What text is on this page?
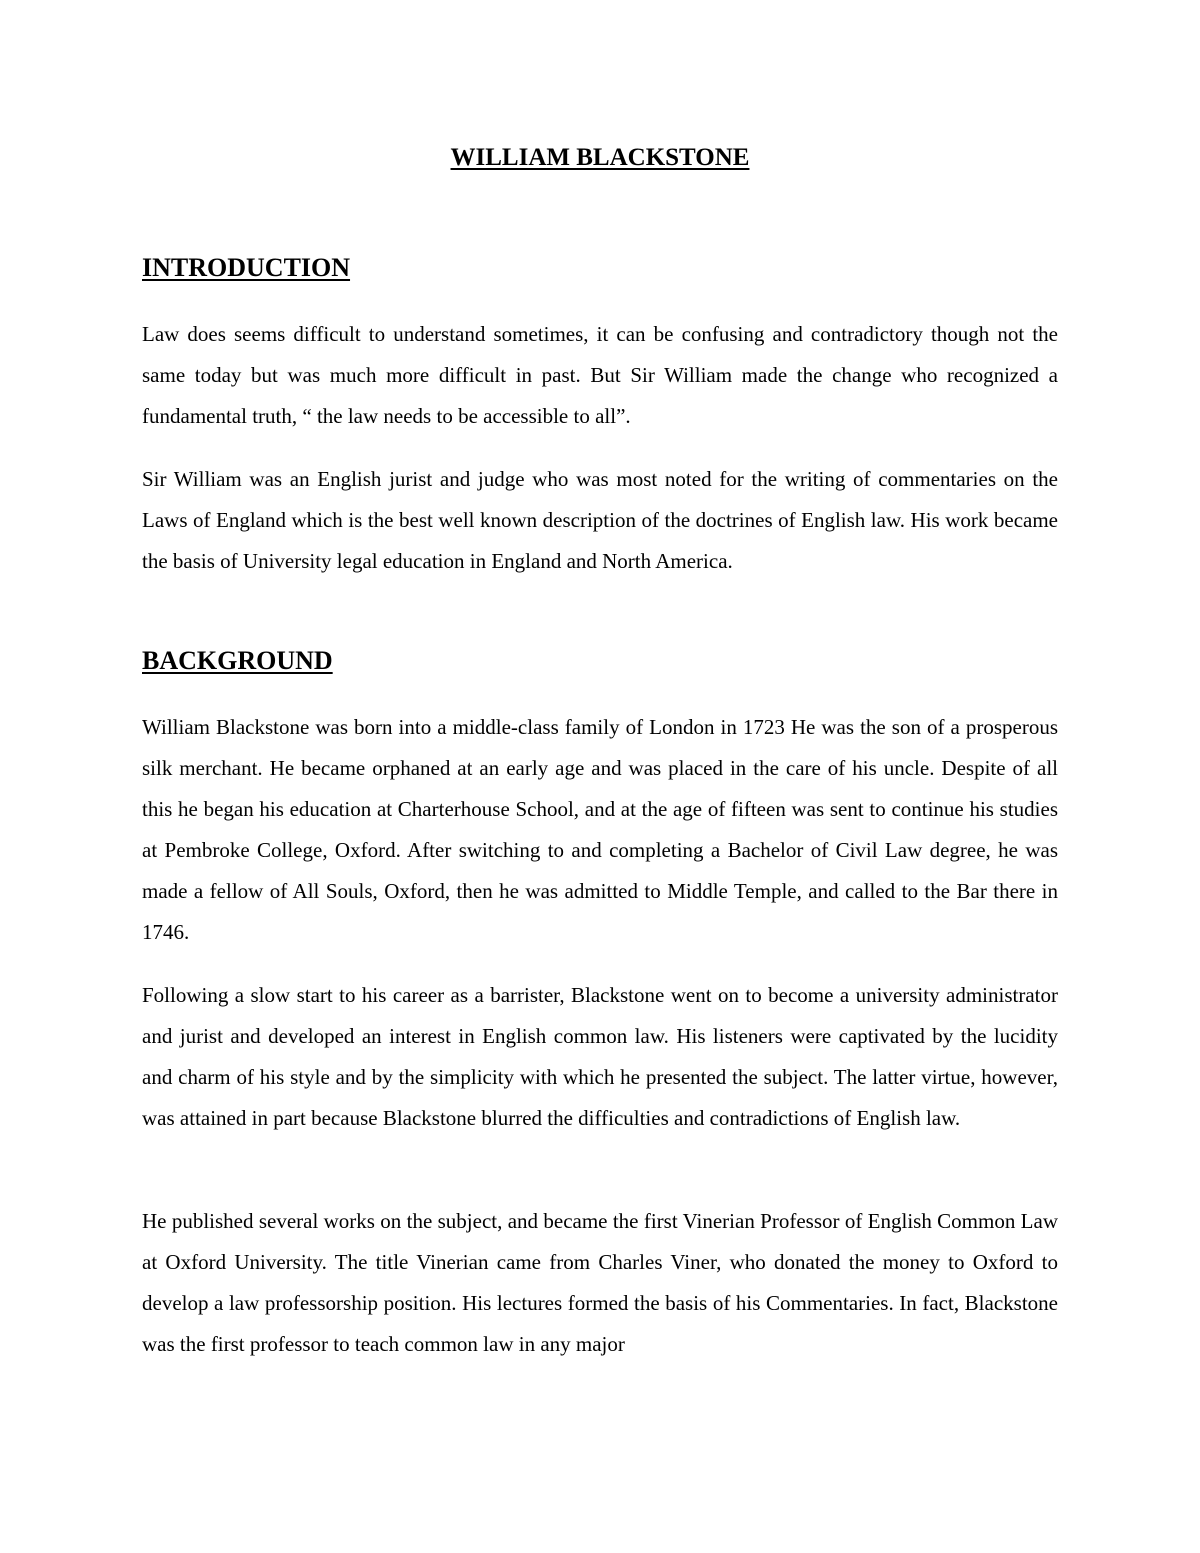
WILLIAM BLACKSTONE
INTRODUCTION

Law does seems difficult to understand sometimes, it can be confusing and contradictory though not the same today but was much more difficult in past. But Sir William made the change who recognized a fundamental truth, “ the law needs to be accessible to all”.

Sir William was an English jurist and judge who was most noted for the writing of commentaries on the Laws of England which is the best well known description of the doctrines of English law. His work became the basis of University legal education in England and North America.

BACKGROUND

William Blackstone was born into a middle-class family of London in 1723 He was the son of a prosperous silk merchant. He became orphaned at an early age and was placed in the care of his uncle. Despite of all this he began his education at Charterhouse School, and at the age of fifteen was sent to continue his studies at Pembroke College, Oxford. After switching to and completing a Bachelor of Civil Law degree, he was made a fellow of All Souls, Oxford, then he was admitted to Middle Temple, and called to the Bar there in 1746.

Following a slow start to his career as a barrister, Blackstone went on to become a university administrator and jurist and developed an interest in English common law. His listeners were captivated by the lucidity and charm of his style and by the simplicity with which he presented the subject. The latter virtue, however, was attained in part because Blackstone blurred the difficulties and contradictions of English law.

He published several works on the subject, and became the first Vinerian Professor of English Common Law at Oxford University. The title Vinerian came from Charles Viner, who donated the money to Oxford to develop a law professorship position. His lectures formed the basis of his Commentaries. In fact, Blackstone was the first professor to teach common law in any major
